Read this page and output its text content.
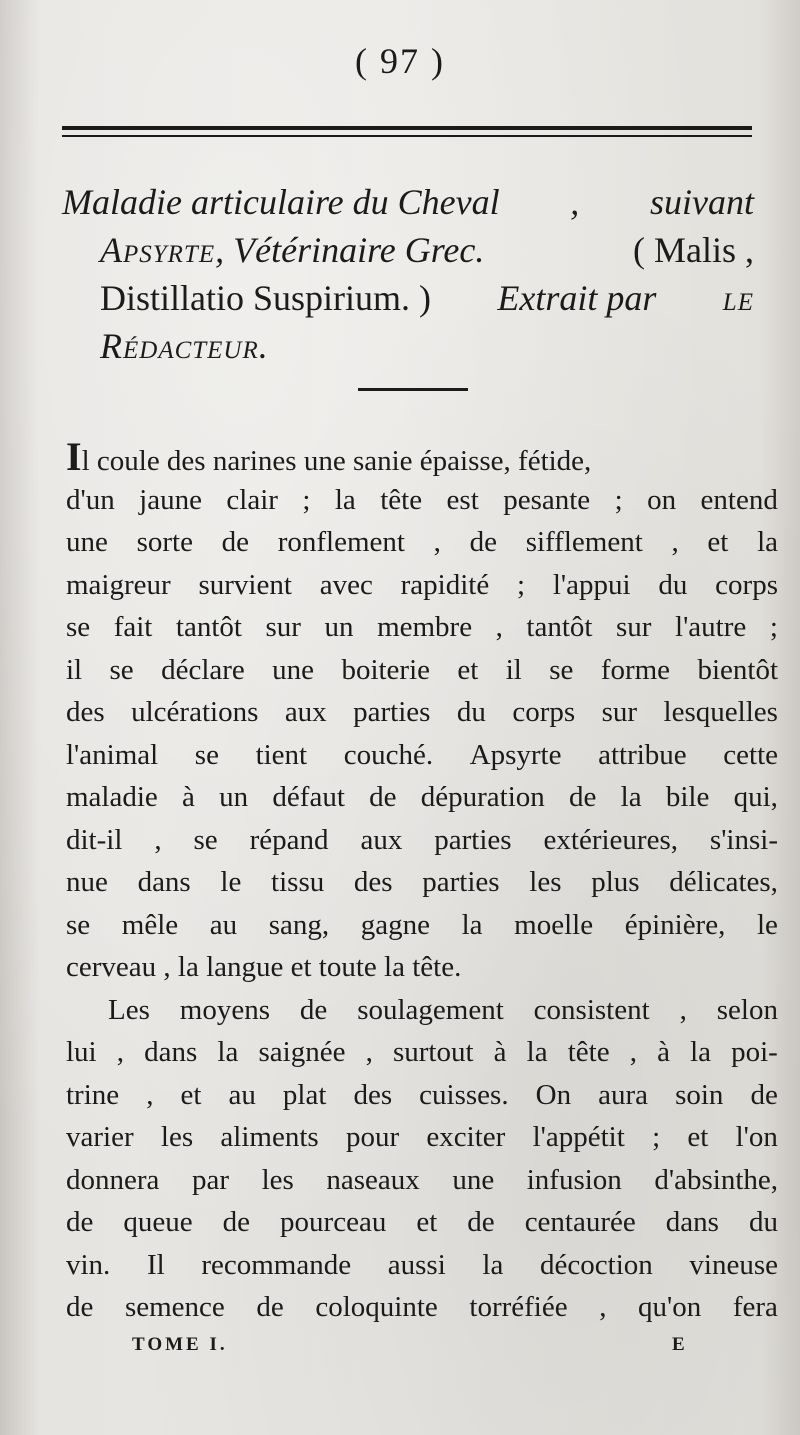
( 97 )
Maladie articulaire du Cheval , suivant
Apsyrte, Vétérinaire Grec.	( Malis ,
Distillatio Suspirium. ) Extrait par le
Rédacteur.
Il coule des narines une sanie épaisse, fétide,
d'un jaune clair ; la tête est pesante ; on entend
une sorte de ronflement , de sifflement , et la
maigreur survient avec rapidité ; l'appui du corps
se fait tantôt sur un membre , tantôt sur l'autre ;
il se déclare une boiterie et il se forme bientôt
des ulcérations aux parties du corps sur lesquelles
l'animal se tient couché. Apsyrte attribue cette
maladie à un défaut de dépuration de la bile qui,
dit-il , se répand aux parties extérieures, s'insi-
nue dans le tissu des parties les plus délicates,
se mêle au sang, gagne la moelle épinière, le
cerveau , la langue et toute la tête.
Les moyens de soulagement consistent , selon
lui , dans la saignée , surtout à la tête , à la poi-
trine , et au plat des cuisses. On aura soin de
varier les aliments pour exciter l'appétit ; et l'on
donnera par les naseaux une infusion d'absinthe,
de queue de pourceau et de centaurée dans du
vin. Il recommande aussi la décoction vineuse
de semence de coloquinte torréfiée , qu'on fera
TOME I.	E
